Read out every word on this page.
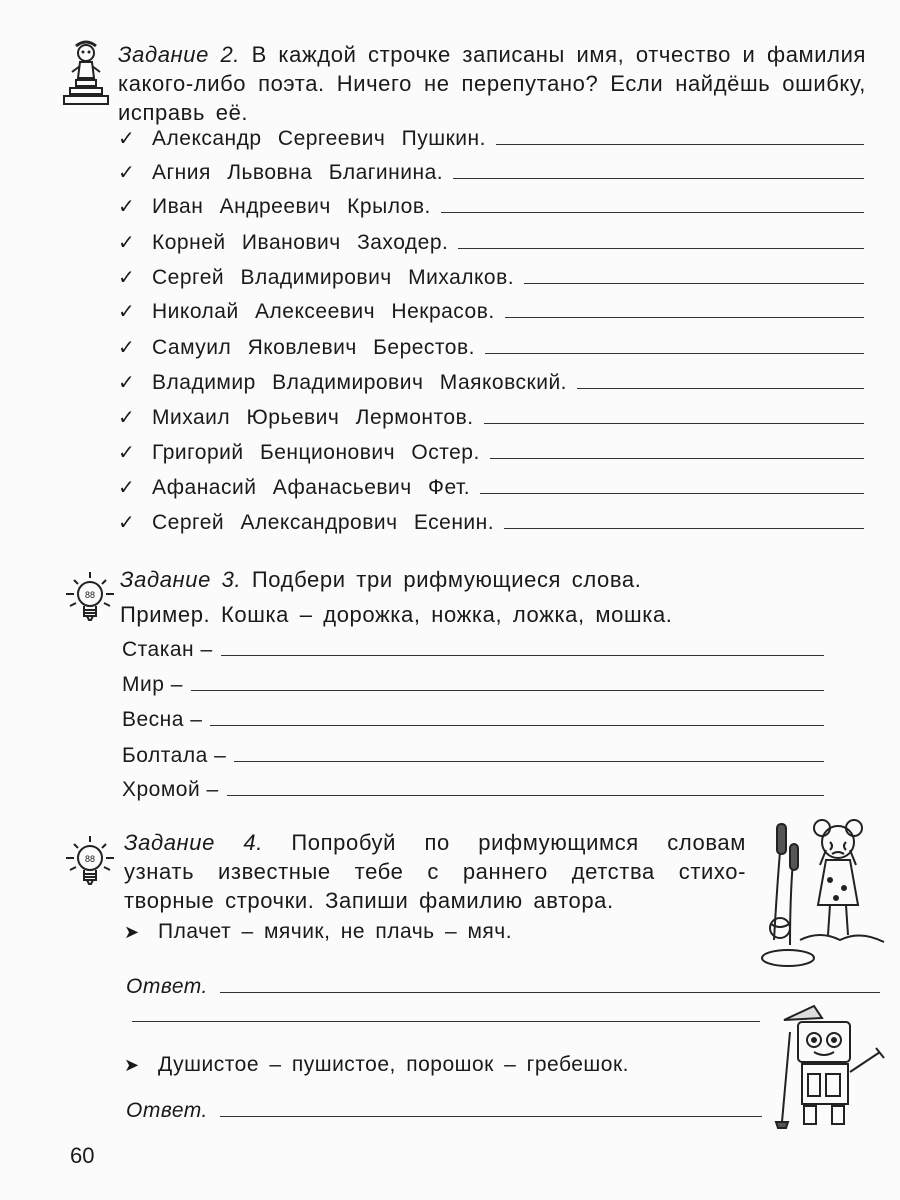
Задание 2. В каждой строчке записаны имя, отчество и фамилия

какого-либо поэта. Ничего не перепутано? Если найдёшь ошибку,

исправь её.

✓ Александр Сергеевич Пушкин.
✓ Агния Львовна Благинина.
✓ Иван Андреевич Крылов.
✓ Корней Иванович Заходер.
✓ Сергей Владимирович Михалков.
✓ Николай Алексеевич Некрасов.
✓ Самуил Яковлевич Берестов.
✓ Владимир Владимирович Маяковский.
✓ Михаил Юрьевич Лермонтов.
✓ Григорий Бенционович Остер.
✓ Афанасий Афанасьевич Фет.
✓ Сергей Александрович Есенин.
88

Задание 3. Подбери три рифмующиеся слова.

Пример. Кошка – дорожка, ножка, ложка, мошка.

Стакан –
Мир –
Весна –
Болтала –
Хромой –
88

Задание 4. Попробуй по рифмующимся словам

узнать известные тебе с раннего детства стихо-

творные строчки. Запиши фамилию автора.

➤ Плачет – мячик, не плачь – мяч.
Ответ.
➤ Душистое – пушистое, порошок – гребешок.
Ответ.
60
